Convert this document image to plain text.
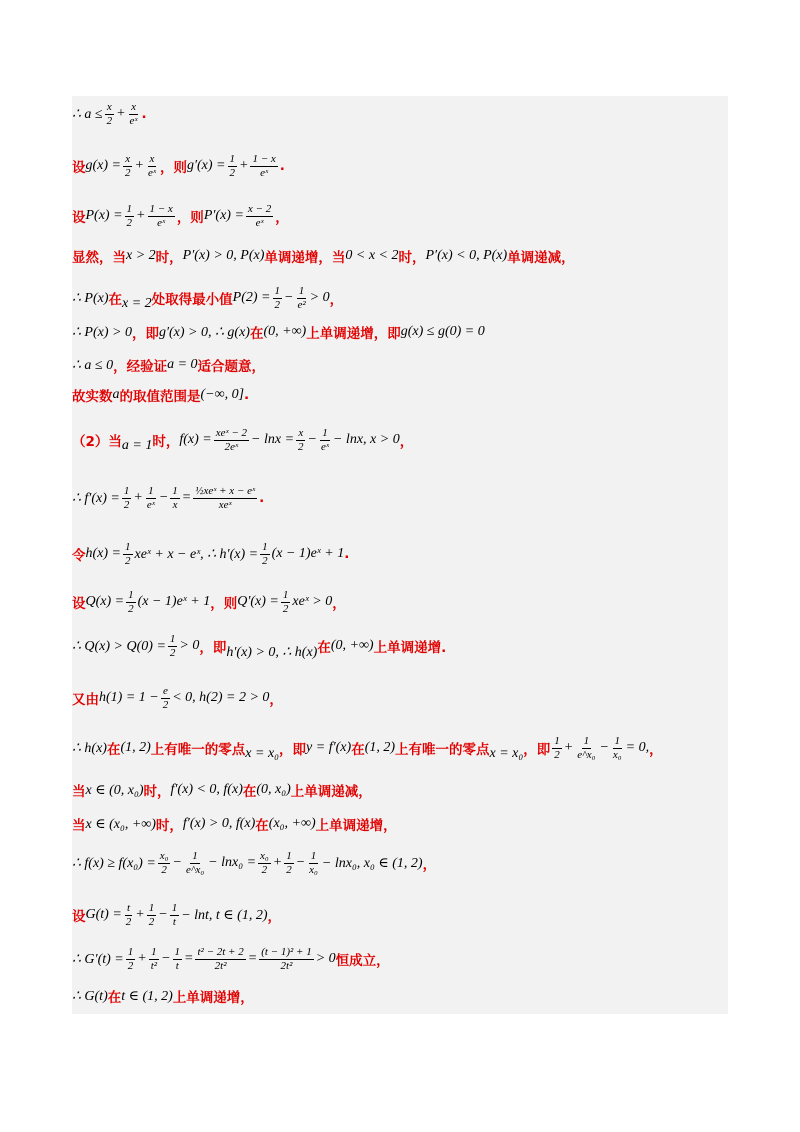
∴ $a \le \frac{x}{2} + \frac{x}{\text{eˣ}}$ .
设 $g(x) = \frac{x}{2} + \frac{x}{\text{eˣ}}$ ，则 $g'(x) = \frac{1}{2} + \frac{1 - x}{\text{eˣ}}$ .
设 $P(x) = \frac{1}{2} + \frac{1 - x}{\text{eˣ}}$ ，则 $P'(x) = \frac{x - 2}{\text{eˣ}}$ ，
显然，当 x > 2 时， P′(x) > 0, P(x) 单调递增，当 0 < x < 2 时， P′(x) < 0, P(x) 单调递减，
∴ P(x) 在 x = 2 处取得最小值 $P(2) = \frac{1}{2} - \frac{1}{\text{e²}} > 0$ ，
∴ P(x) > 0 ，即 g′(x) > 0, ∴ g(x) 在 (0, +∞) 上单调递增，即 g(x) ≤ g(0) = 0
∴ a ≤ 0 ，经验证 a = 0 适合题意，
故实数 a 的取值范围是 (−∞, 0] .
（2）当 a = 1 时， $f(x) = \frac{\text{xeˣ − 2}}{\text{2eˣ}} - \ln x = \frac{x}{2} - \frac{1}{\text{eˣ}} - \ln x$, x > 0 ，
∴ $f'(x) = \frac{1}{2} + \frac{1}{\text{eˣ}} - \frac{1}{x} = \frac{\text{½xeˣ + x − eˣ}}{\text{xeˣ}}$ .
令 $h(x) = \frac{1}{2}$ xeˣ + x − eˣ, ∴ $h'(x) = \frac{1}{2} (x$ − 1)eˣ + 1 .
设 $Q(x) = \frac{1}{2} (x$ − 1)eˣ + 1 ，则 $Q'(x) = \frac{1}{2}$ xeˣ > 0 ，
∴ $Q(x) > Q(0) = \frac{1}{2} > 0$ ，即 h′(x) > 0, ∴ h(x) 在 (0, +∞) 上单调递增.
又由 $h(1) = 1 - \frac{e}{2} < 0$, h(2) = 2 > 0 ，
∴ h(x) 在 (1, 2) 上有唯一的零点 x = x₀ ，即 y = f′(x) 在 (1, 2) 上有唯一的零点 x = x₀ ，即 $\frac{1}{2} + \frac{1}{\text{e\textasciicircum{}x₀}} - \frac{1}{\text{x₀}} = 0$, ，
当 x ∈ (0, x₀) 时， f′(x) < 0, f(x) 在 (0, x₀) 上单调递减，
当 x ∈ (x₀, +∞) 时， f′(x) > 0, f(x) 在 (x₀, +∞) 上单调递增，
∴ $f(x) \ge f(x_0) = \frac{\text{x₀}}{2} - \frac{1}{\text{e\textasciicircum{}x₀}} - \ln x_0 = \frac{\text{x₀}}{2} + \frac{1}{2} - \frac{1}{\text{x₀}} - \ln x_0$, x₀ ∈ (1, 2) ，
设 $G(t) = \frac{t}{2} + \frac{1}{2} - \frac{1}{t} - \ln t$, t ∈ (1, 2) ，
∴ $G'(t) = \frac{1}{2} + \frac{1}{\text{t²}} - \frac{1}{t} = \frac{\text{t² − 2t + 2}}{\text{2t²}} = \frac{\text{(t − 1)² + 1}}{\text{2t²}} > 0$ 恒成立，
∴ G(t) 在 t ∈ (1, 2) 上单调递增，
